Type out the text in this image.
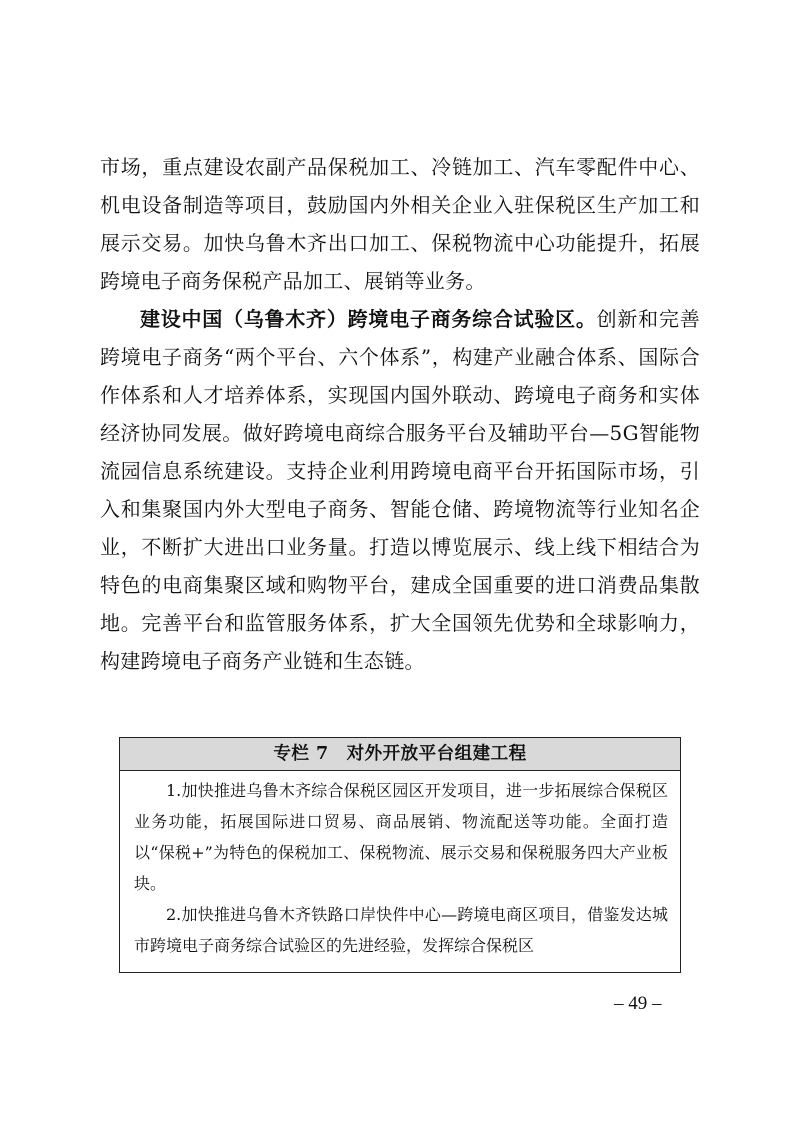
市场，重点建设农副产品保税加工、冷链加工、汽车零配件中心、机电设备制造等项目，鼓励国内外相关企业入驻保税区生产加工和展示交易。加快乌鲁木齐出口加工、保税物流中心功能提升，拓展跨境电子商务保税产品加工、展销等业务。

建设中国（乌鲁木齐）跨境电子商务综合试验区。创新和完善跨境电子商务“两个平台、六个体系”，构建产业融合体系、国际合作体系和人才培养体系，实现国内国外联动、跨境电子商务和实体经济协同发展。做好跨境电商综合服务平台及辅助平台—5G智能物流园信息系统建设。支持企业利用跨境电商平台开拓国际市场，引入和集聚国内外大型电子商务、智能仓储、跨境物流等行业知名企业，不断扩大进出口业务量。打造以博览展示、线上线下相结合为特色的电商集聚区域和购物平台，建成全国重要的进口消费品集散地。完善平台和监管服务体系，扩大全国领先优势和全球影响力，构建跨境电子商务产业链和生态链。

专栏 7　对外开放平台组建工程

1.加快推进乌鲁木齐综合保税区园区开发项目，进一步拓展综合保税区业务功能，拓展国际进口贸易、商品展销、物流配送等功能。全面打造以“保税+”为特色的保税加工、保税物流、展示交易和保税服务四大产业板块。

2.加快推进乌鲁木齐铁路口岸快件中心—跨境电商区项目，借鉴发达城市跨境电子商务综合试验区的先进经验，发挥综合保税区

– 49 –
